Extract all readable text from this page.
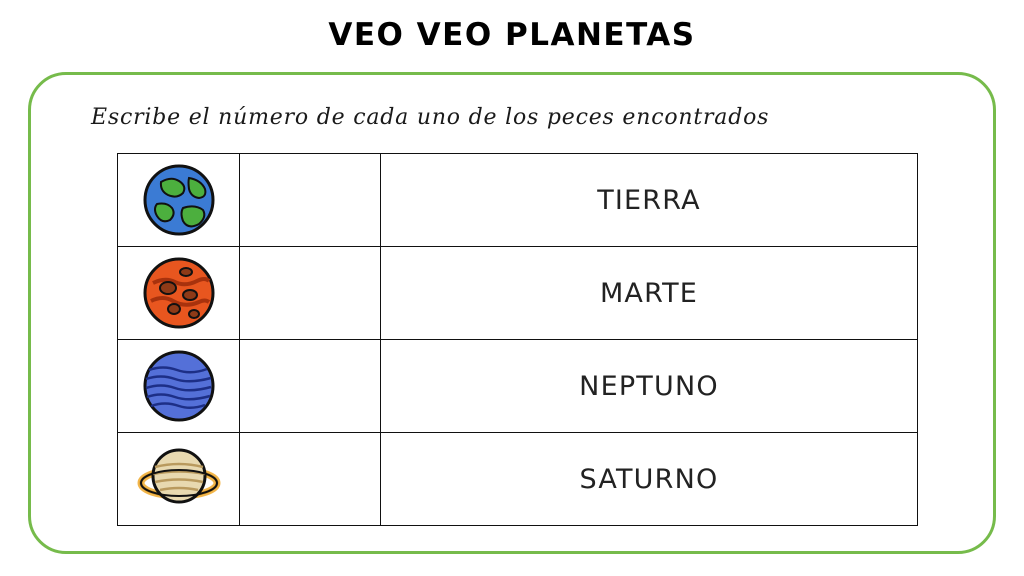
VEO VEO PLANETAS
Escribe el número de cada uno de los peces encontrados
		TIERRA
		MARTE
		NEPTUNO
		SATURNO
